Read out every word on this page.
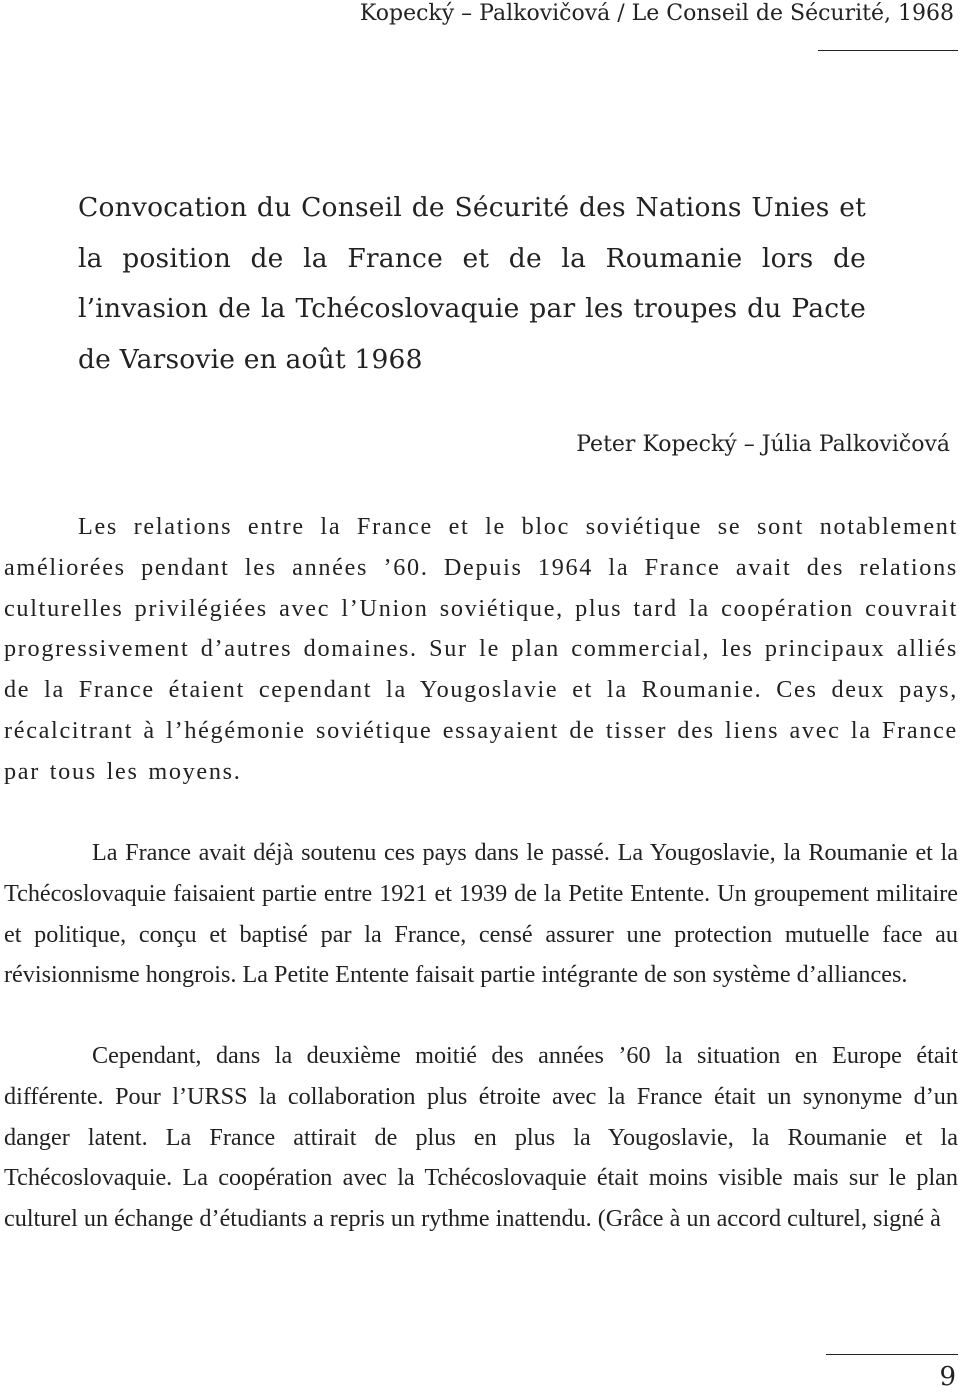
Kopecký – Palkovičová / Le Conseil de Sécurité, 1968
Convocation du Conseil de Sécurité des Nations Unies et la position de la France et de la Roumanie lors de l’invasion de la Tchécoslovaquie par les troupes du Pacte de Varsovie en août 1968
Peter Kopecký – Júlia Palkovičová

Les relations entre la France et le bloc soviétique se sont notablement améliorées pendant les années ’60. Depuis 1964 la France avait des relations culturelles privilégiées avec l’Union soviétique, plus tard la coopération couvrait progressivement d’autres domaines. Sur le plan commercial, les principaux alliés de la France étaient cependant la Yougoslavie et la Roumanie. Ces deux pays, récalcitrant à l’hégémonie soviétique essayaient de tisser des liens avec la France par tous les moyens.

La France avait déjà soutenu ces pays dans le passé. La Yougoslavie, la Roumanie et la Tchécoslovaquie faisaient partie entre 1921 et 1939 de la Petite Entente. Un groupement militaire et politique, conçu et baptisé par la France, censé assurer une protection mutuelle face au révisionnisme hongrois. La Petite Entente faisait partie intégrante de son système d’alliances.

Cependant, dans la deuxième moitié des années ’60 la situation en Europe était différente. Pour l’URSS la collaboration plus étroite avec la France était un synonyme d’un danger latent. La France attirait de plus en plus la Yougoslavie, la Roumanie et la Tchécoslovaquie. La coopération avec la Tchécoslovaquie était moins visible mais sur le plan culturel un échange d’étudiants a repris un rythme inattendu. (Grâce à un accord culturel, signé à

9
